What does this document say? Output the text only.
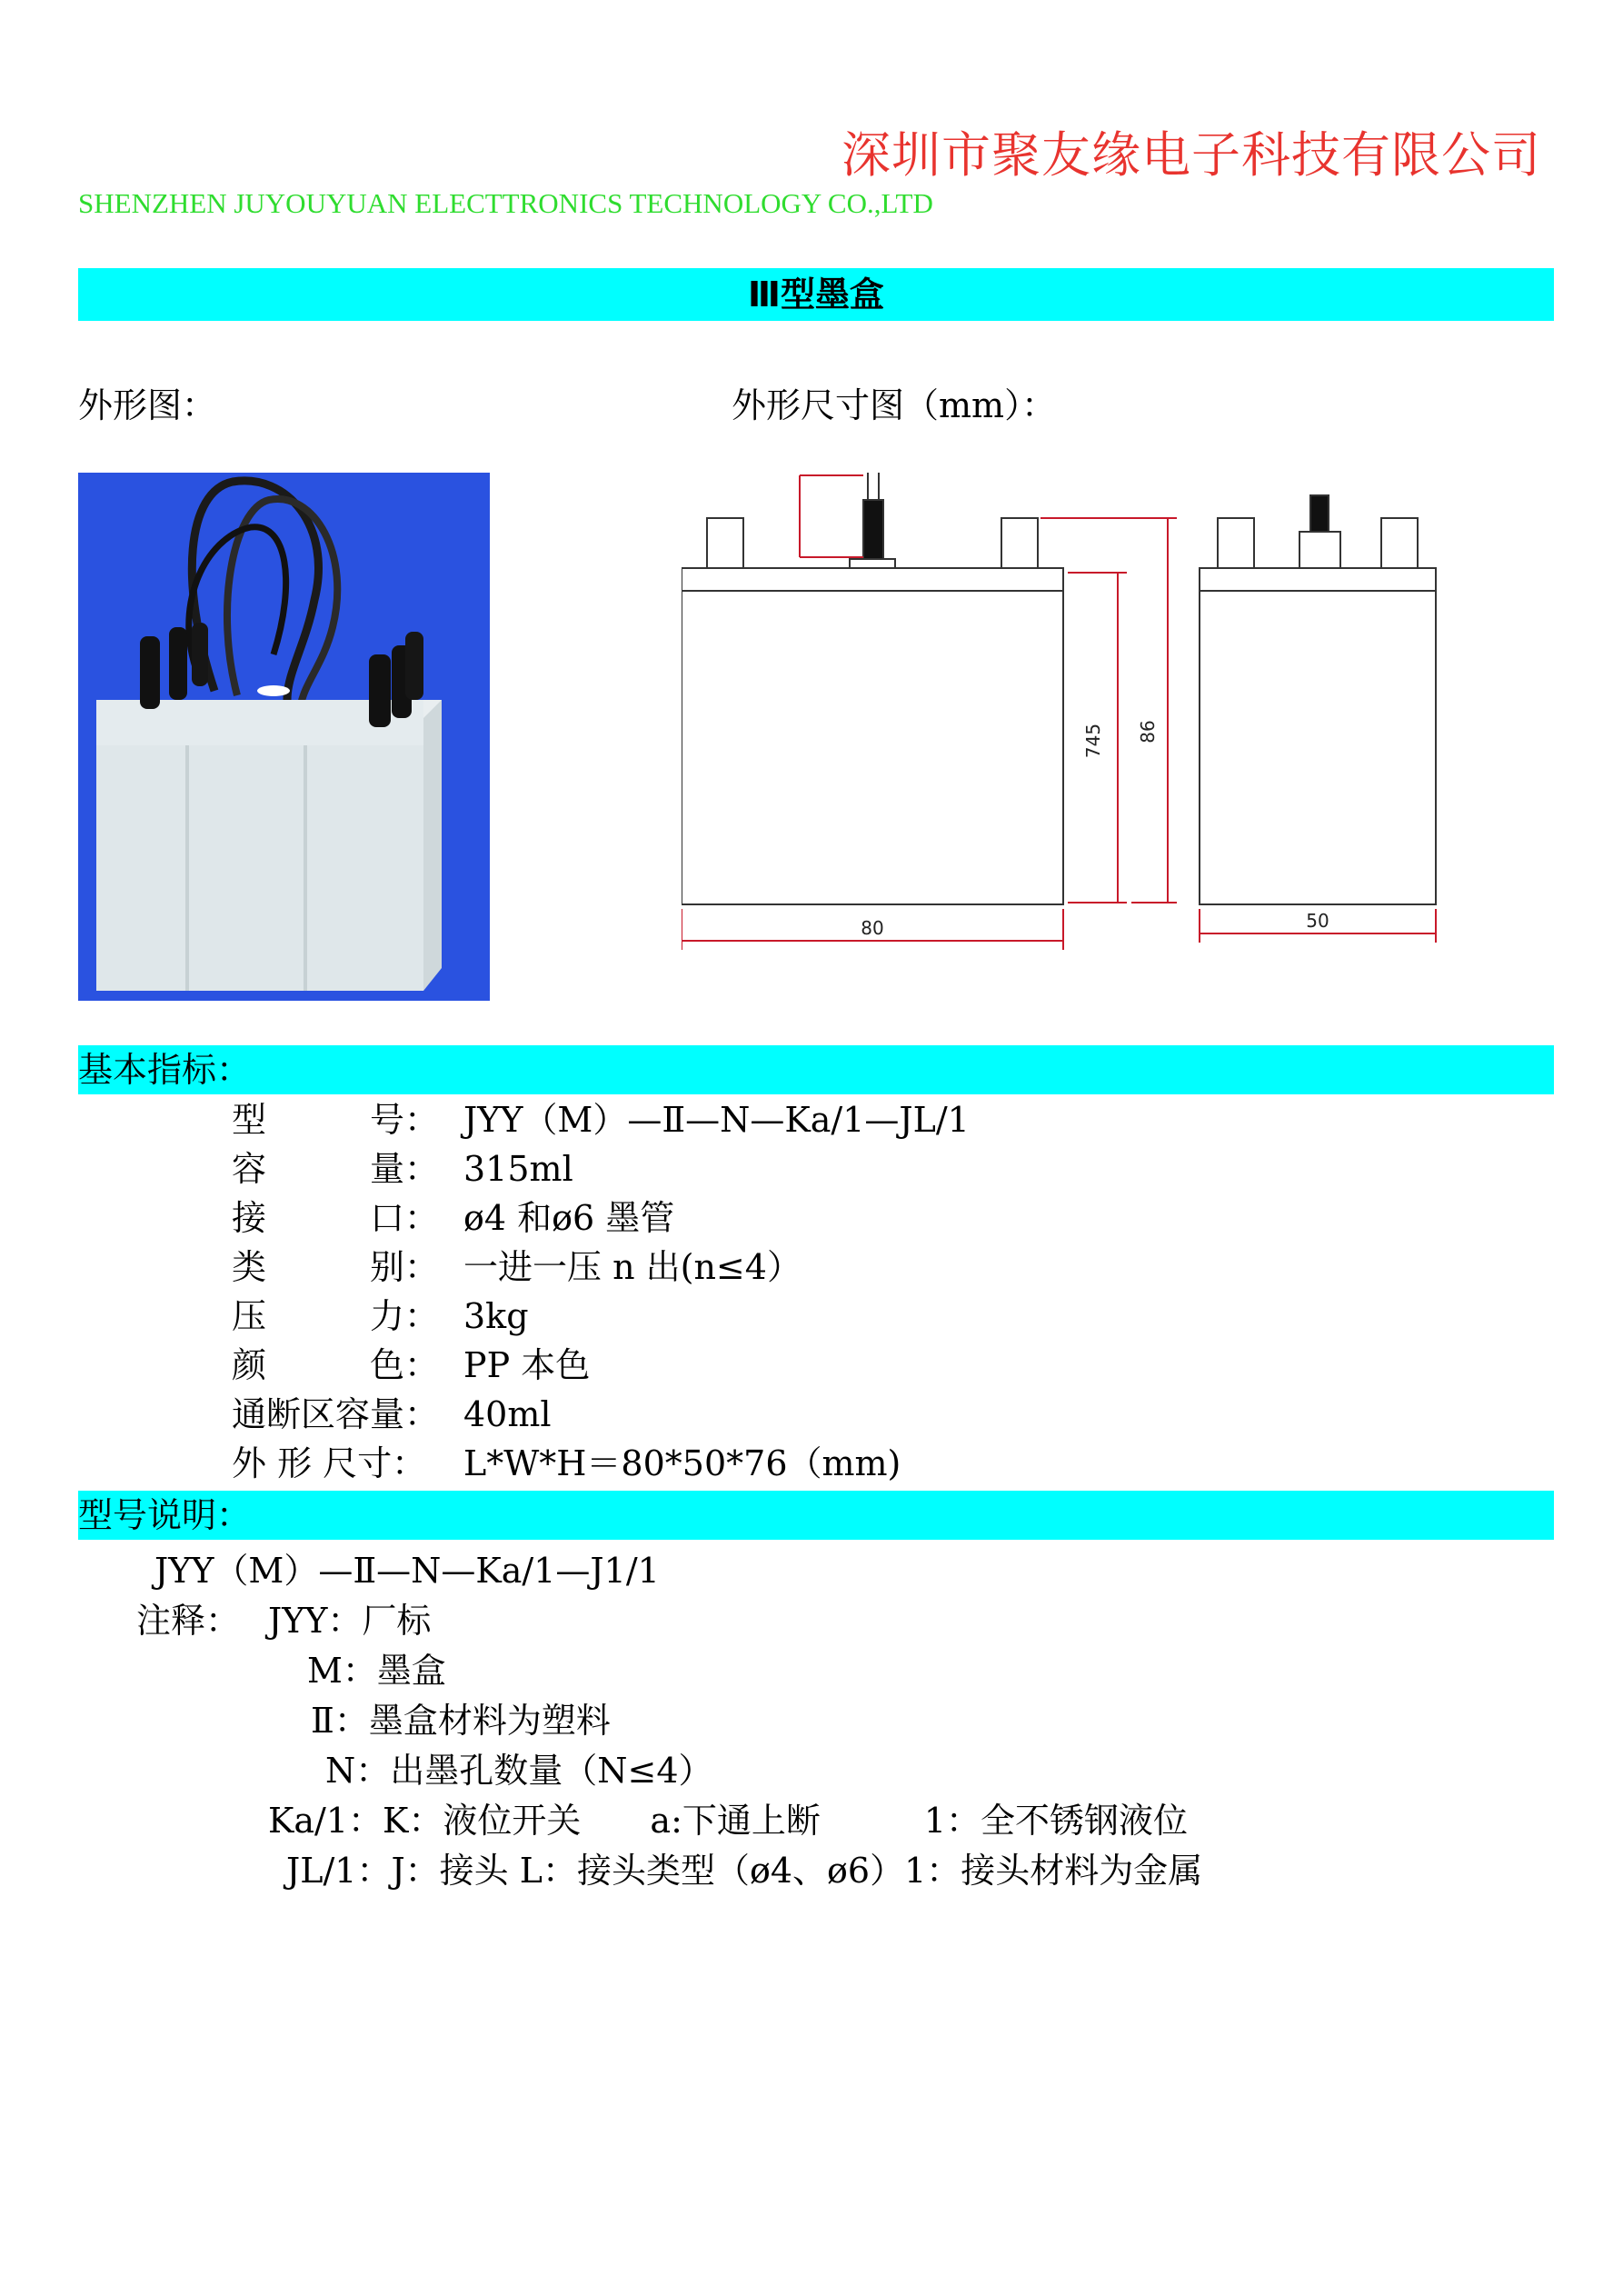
深圳市聚友缘电子科技有限公司
SHENZHEN JUYOUYUAN ELECTTRONICS TECHNOLOGY CO.,LTD
Ⅲ型墨盒
外形图：	外形尺寸图（mm）：
745 86
80	50
基本指标：
型　　　号： JYY（M）—Ⅱ—N—Ka/1—JL/1
容　　　量： 315ml
接　　　口： ø4 和ø6 墨管
类　　　别： 一进一压 n 出(n≤4）
压　　　力： 3kg
颜　　　色： PP 本色
通断区容量： 40ml
外 形 尺寸： L*W*H＝80*50*76（mm)
型号说明：
JYY（M）—Ⅱ—N—Ka/1—J1/1
注释： JYY：厂标
M：墨盒
Ⅱ：墨盒材料为塑料
N：出墨孔数量（N≤4）
Ka/1：K：液位开关　　a:下通上断　　　1：全不锈钢液位
JL/1：J：接头 L：接头类型（ø4、ø6）1：接头材料为金属
